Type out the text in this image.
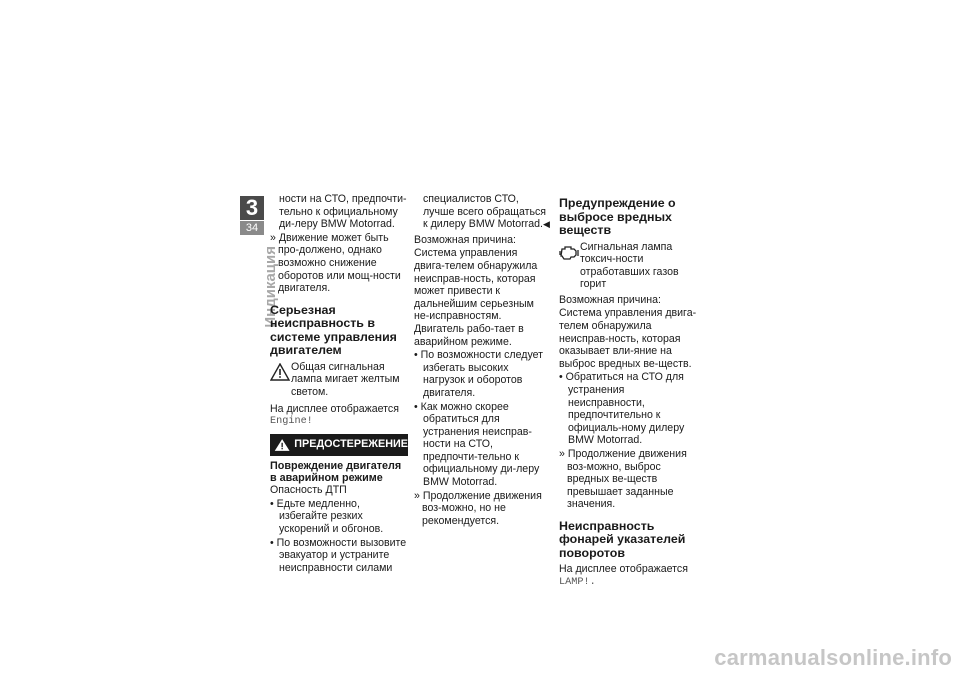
3
34
Индикация
ности на СТО, предпочти-тельно к официальному ди-леру BMW Motorrad.
» Движение может быть про-должено, однако возможно снижение оборотов или мощ-ности двигателя.
Серьезная неисправность в системе управления двигателем
Общая сигнальная лампа мигает желтым светом.
На дисплее отображается
Engine!
ПРЕДОСТЕРЕЖЕНИЕ
Повреждение двигателя в аварийном режиме
Опасность ДТП
• Едьте медленно, избегайте резких ускорений и обгонов.
• По возможности вызовите эвакуатор и устраните неисправности силами
специалистов СТО, лучше всего обращаться к дилеру BMW Motorrad.◀
Возможная причина:
Система управления двига-телем обнаружила неисправ-ность, которая может привести к дальнейшим серьезным не-исправностям. Двигатель рабо-тает в аварийном режиме.
• По возможности следует избегать высоких нагрузок и оборотов двигателя.
• Как можно скорее обратиться для устранения неисправ-ности на СТО, предпочти-тельно к официальному ди-леру BMW Motorrad.
» Продолжение движения воз-можно, но не рекомендуется.
Предупреждение о выбросе вредных веществ
Сигнальная лампа токсич-ности отработавших газов горит
Возможная причина:
Система управления двига-телем обнаружила неисправ-ность, которая оказывает вли-яние на выброс вредных ве-ществ.
• Обратиться на СТО для устранения неисправности, предпочтительно к официаль-ному дилеру BMW Motorrad.
» Продолжение движения воз-можно, выброс вредных ве-ществ превышает заданные значения.
Неисправность фонарей указателей поворотов
На дисплее отображается
LAMP!.
carmanualsonline.info
